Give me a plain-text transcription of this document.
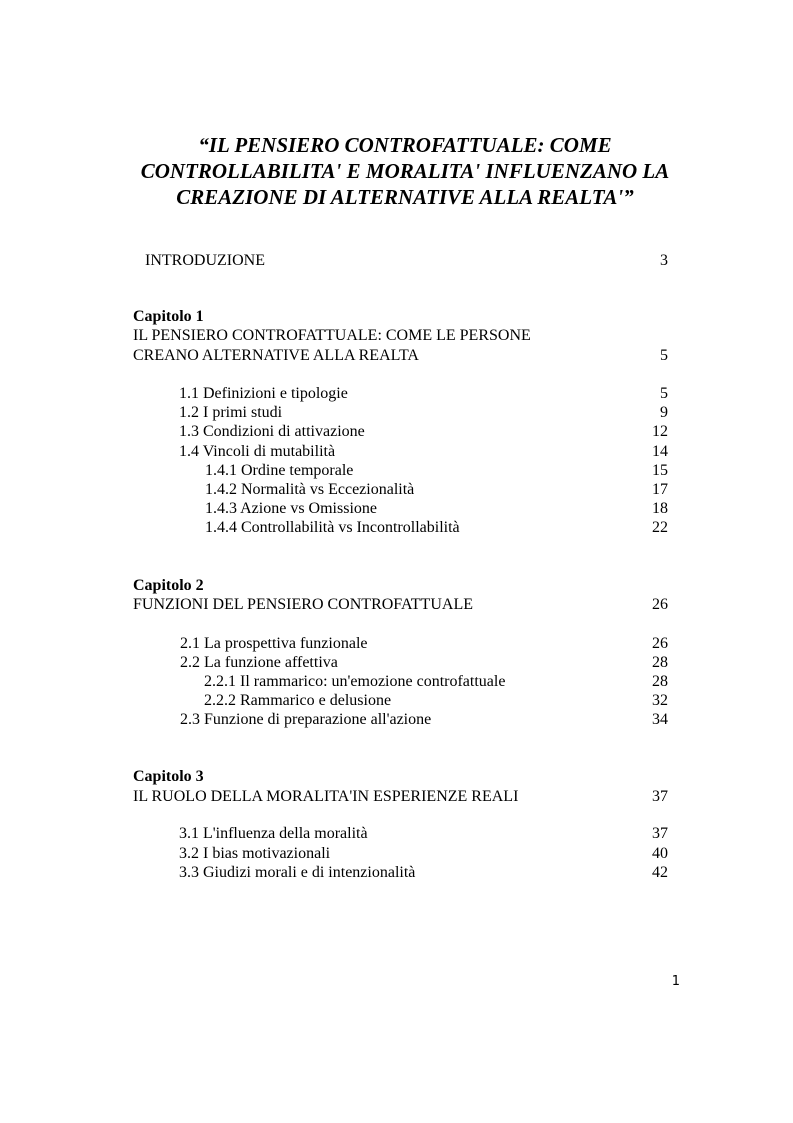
“IL PENSIERO CONTROFATTUALE: COME
CONTROLLABILITA' E MORALITA' INFLUENZANO LA
CREAZIONE DI ALTERNATIVE ALLA REALTA'”
INTRODUZIONE	3
Capitolo 1
IL PENSIERO CONTROFATTUALE: COME LE PERSONE
CREANO ALTERNATIVE ALLA REALTA	5
1.1 Definizioni e tipologie	5
1.2 I primi studi	9
1.3 Condizioni di attivazione	12
1.4 Vincoli di mutabilità	14
1.4.1 Ordine temporale	15
1.4.2 Normalità vs Eccezionalità	17
1.4.3 Azione vs Omissione	18
1.4.4 Controllabilità vs Incontrollabilità	22
Capitolo 2
FUNZIONI DEL PENSIERO CONTROFATTUALE	26
2.1 La prospettiva funzionale	26
2.2 La funzione affettiva	28
2.2.1 Il rammarico: un'emozione controfattuale	28
2.2.2 Rammarico e delusione	32
2.3 Funzione di preparazione all'azione	34
Capitolo 3
IL RUOLO DELLA MORALITA'IN ESPERIENZE REALI	37
3.1 L'influenza della moralità	37
3.2 I bias motivazionali	40
3.3 Giudizi morali e di intenzionalità	42
1
